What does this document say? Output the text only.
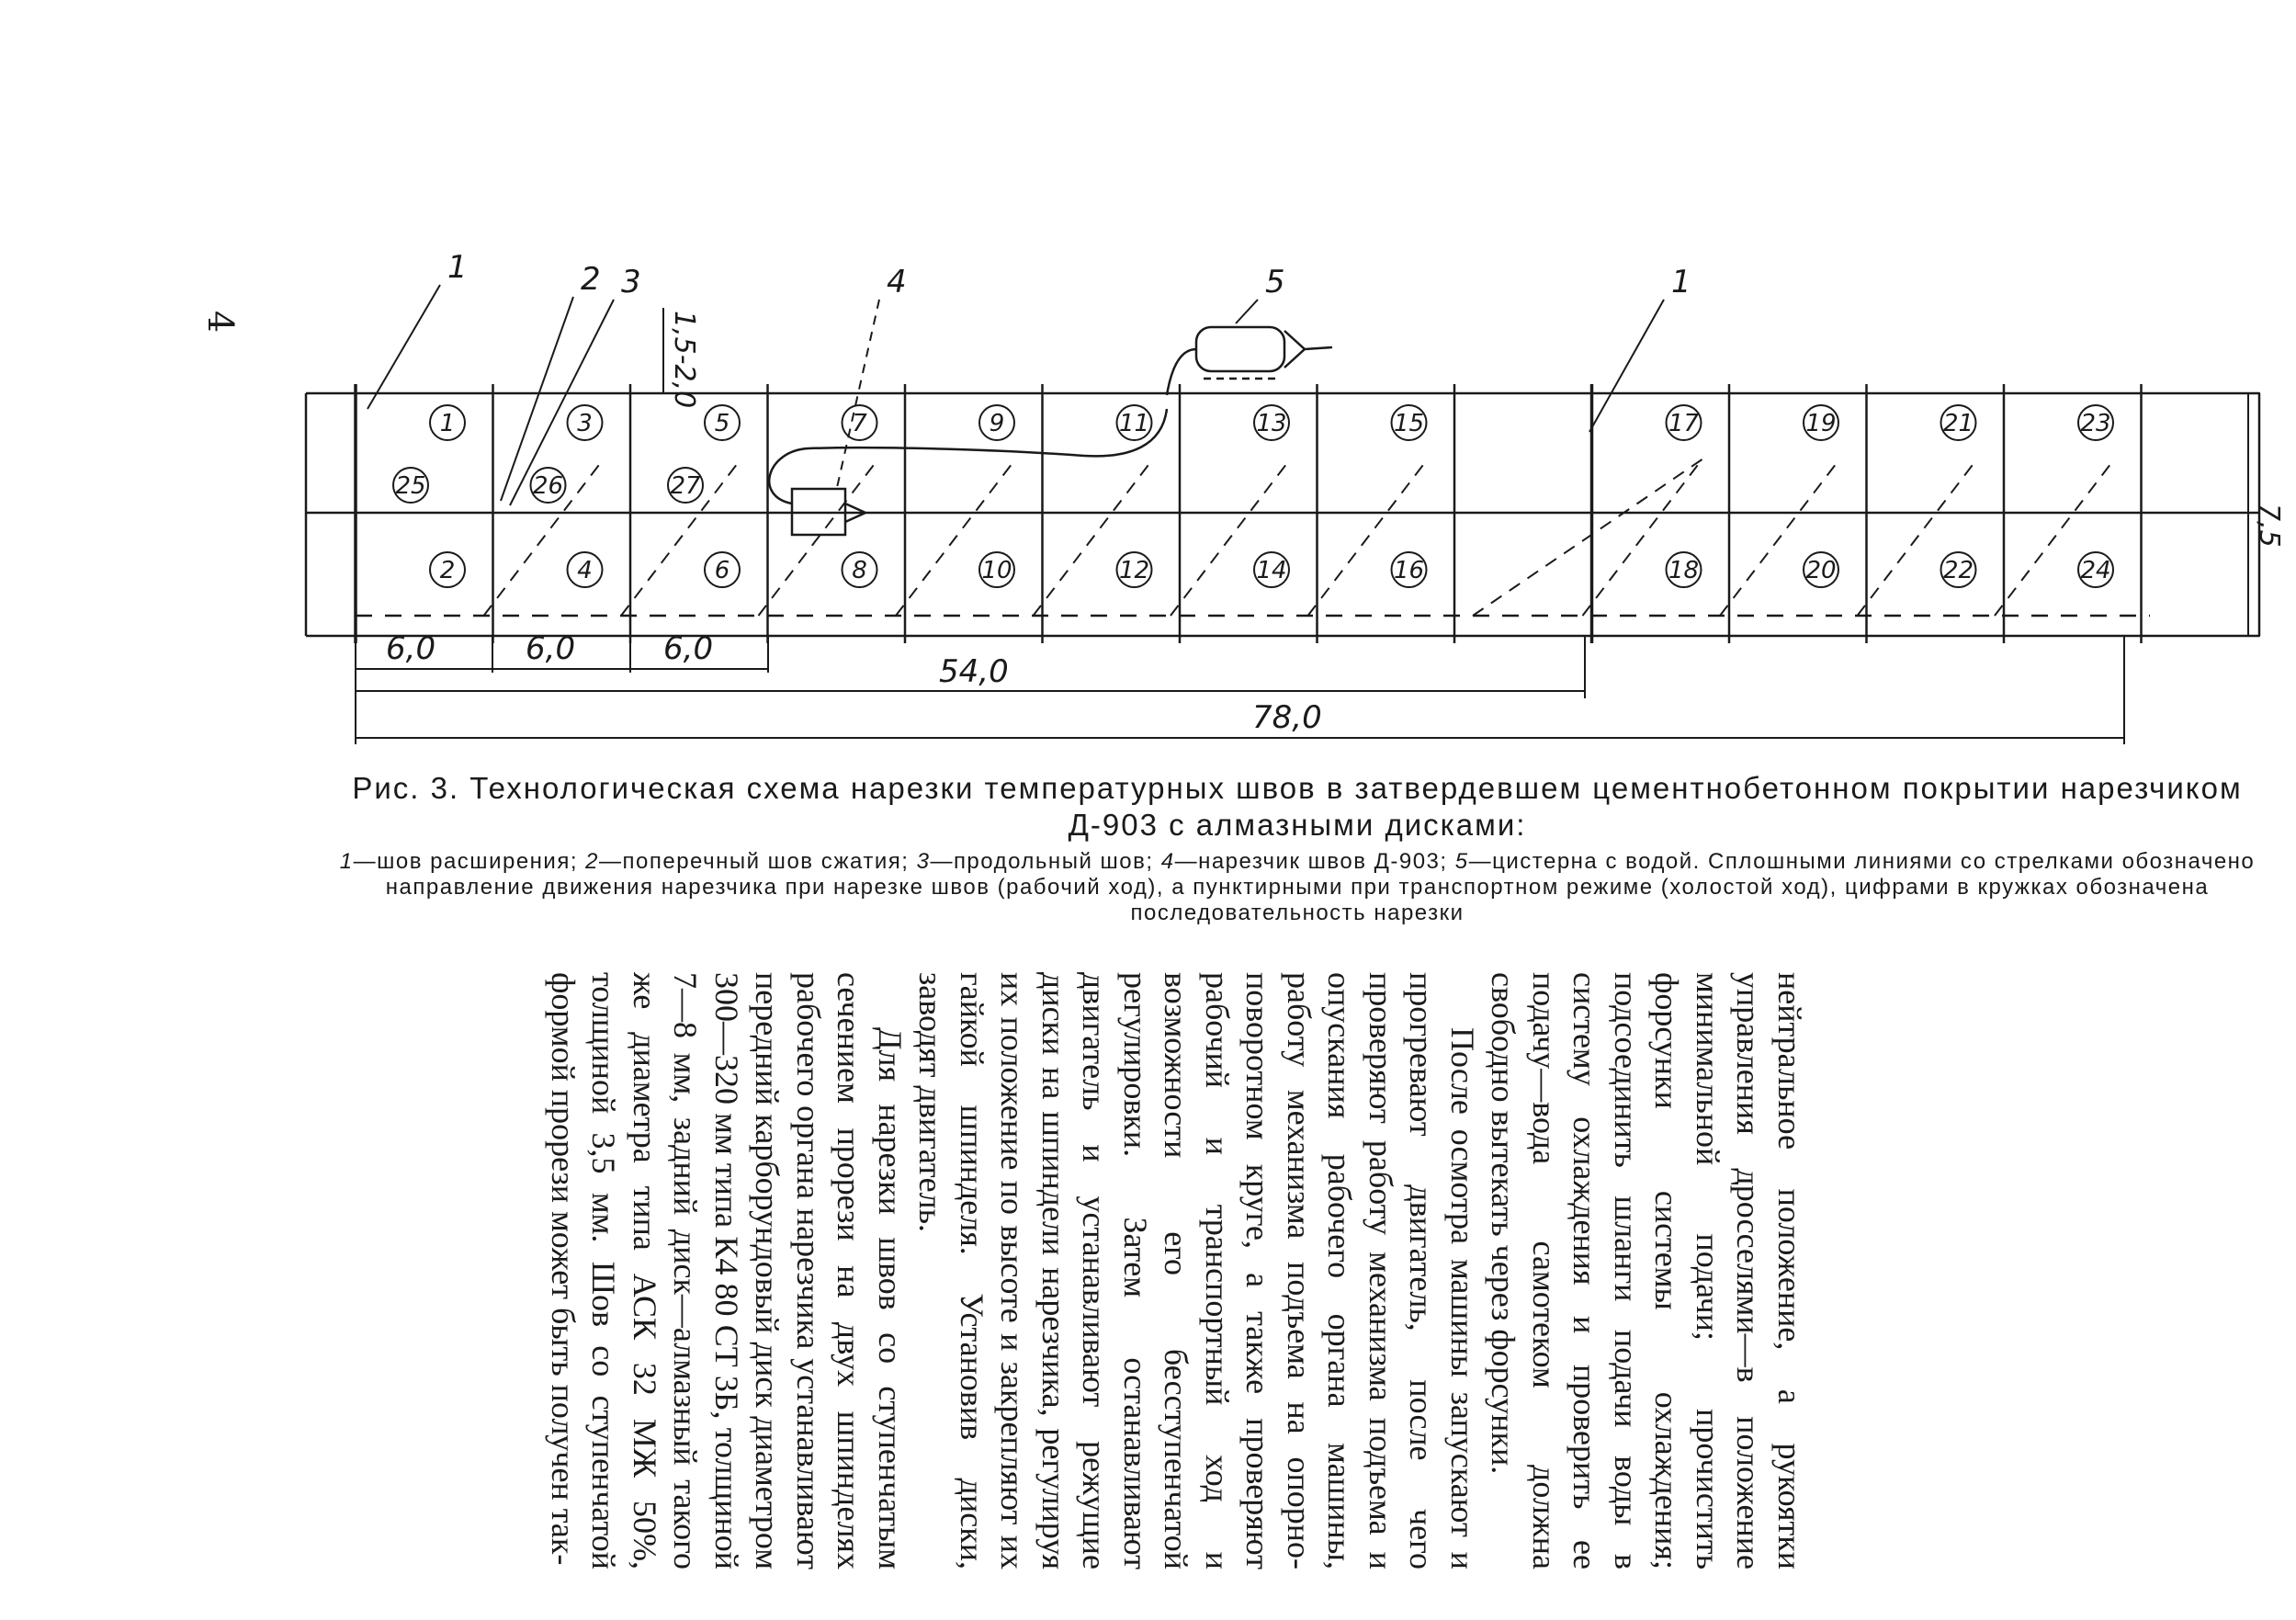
4
1	3	5	7	9	11	13	15	17	19	21	23
2	4	6	8	10	12	14	16	18	20	22	24
25	26	27
1	2 3	4	5	1
1,5-2,0
7,5
6,0	6,0	6,0
54,0
78,0
Рис. 3. Технологическая схема нарезки температурных швов в затвердевшем цементнобетонном покрытии нарезчиком Д-903 с алмазными дисками:
1—шов расширения; 2—поперечный шов сжатия; 3—продольный шов; 4—нарезчик швов Д-903; 5—цистерна с водой. Сплошными линиями со стрелками обозначено направление движения нарезчика при нарезке швов (рабочий ход), а пунктирными при транспортном режиме (холостой ход), цифрами в кружках обозначена последовательность нарезки

нейтральное положение, а рукоятки управления дросселями—в положение минимальной подачи; прочистить форсунки системы охлаждения; подсоединить шланги подачи воды в систему охлаждения и проверить ее подачу—вода самотеком должна свободно вытекать через форсунки.

После осмотра машины запускают и прогревают двигатель, после чего проверяют работу механизма подъема и опускания рабочего органа машины, работу механизма подъема на опорно-поворотном круге, а также проверяют рабочий и транспортный ход и возможности его бесступенчатой регулировки. Затем останавливают двигатель и устанавливают режущие диски на шпиндели нарезчика, регулируя их положение по высоте и закрепляют их гайкой шпинделя. Установив диски, заводят двигатель.

Для нарезки швов со ступенчатым сечением прорези на двух шпинделях рабочего органа нарезчика устанавливают передний карборундовый диск диаметром 300—320 мм типа К4 80 СТ 3Б, толщиной 7—8 мм, задний диск—алмазный такого же диаметра типа АСК 32 МЖ 50%, толщиной 3,5 мм. Шов со ступенчатой формой прорези может быть получен так-
